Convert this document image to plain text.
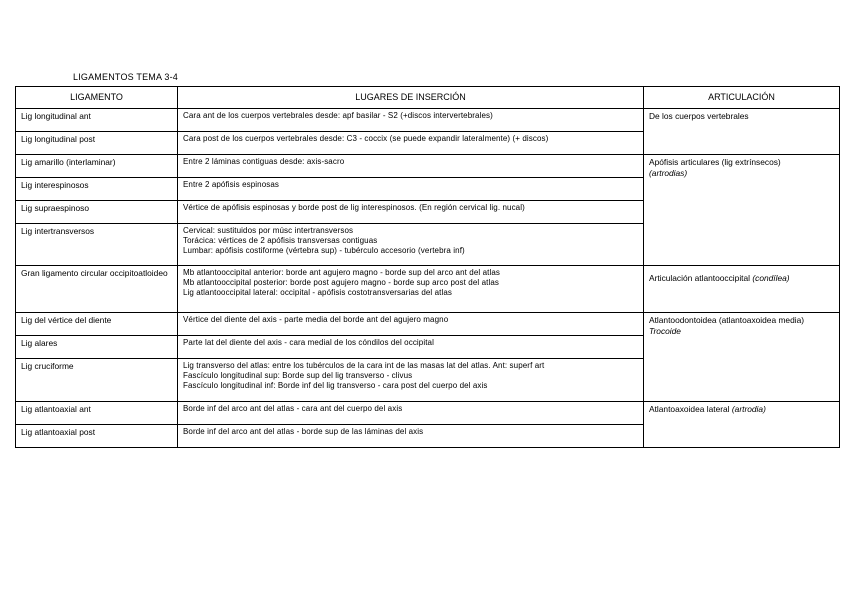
LIGAMENTOS TEMA 3-4
LIGAMENTO	LUGARES DE INSERCIÓN	ARTICULACIÓN
Lig longitudinal ant	Cara ant de los cuerpos vertebrales desde: apf basilar - S2 (+discos intervertebrales)	De los cuerpos vertebrales
Lig longitudinal post	Cara post de los cuerpos vertebrales desde: C3 - coccix (se puede expandir lateralmente) (+ discos)	

Lig amarillo (interlaminar)	Entre 2 láminas contiguas desde: axis-sacro	Apófisis articulares (lig extrínsecos)
(artrodias)
Lig interespinosos	Entre 2 apófisis espinosas	

Lig supraespinoso	Vértice de apófisis espinosas y borde post de lig interespinosos. (En región cervical lig. nucal)	

Lig intertransversos	Cervical: sustituidos por músc intertransversos
Torácica: vértices de 2 apófisis transversas contiguas
Lumbar: apófisis costiforme (vértebra sup) - tubérculo accesorio (vertebra inf)	

Gran ligamento circular occipitoatloideo	Mb atlantooccipital anterior: borde ant agujero magno - borde sup del arco ant del atlas
Mb atlantooccipital posterior: borde post agujero magno - borde sup arco post del atlas
Lig atlantooccipital lateral: occipital - apófisis costotransversarias del atlas	Articulación atlantooccipital (condílea)
Lig del vértice del diente	Vértice del diente del axis - parte media del borde ant del agujero magno	Atlantoodontoidea (atlantoaxoidea media)
Trocoide
Lig alares	Parte lat del diente del axis - cara medial de los cóndilos del occipital	

Lig cruciforme	Lig transverso del atlas: entre los tubérculos de la cara int de las masas lat del atlas. Ant: superf art
Fascículo longitudinal sup: Borde sup del lig transverso - clivus
Fascículo longitudinal inf: Borde inf del lig transverso - cara post del cuerpo del axis	

Lig atlantoaxial ant	Borde inf del arco ant del atlas - cara ant del cuerpo del axis	Atlantoaxoidea lateral (artrodia)
Lig atlantoaxial post	Borde inf del arco ant del atlas - borde sup de las láminas del axis	
